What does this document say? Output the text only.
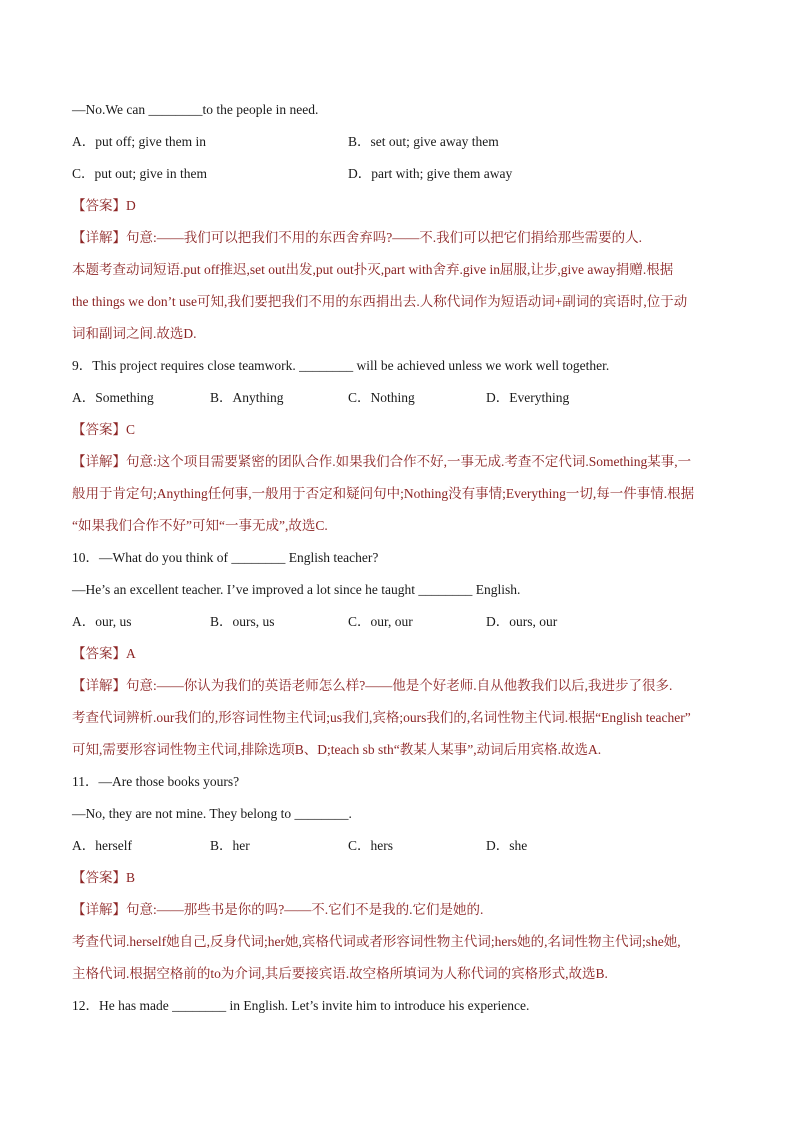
—No.We can ________to the people in need.
A．put off; give them in	B．set out; give away them
C．put out; give in them	D．part with; give them away
【答案】D
【详解】句意:——我们可以把我们不用的东西舍弃吗?——不.我们可以把它们捐给那些需要的人.
本题考查动词短语.put off推迟,set out出发,put out扑灭,part with舍弃.give in屈服,让步,give away捐赠.根据
the things we don’t use可知,我们要把我们不用的东西捐出去.人称代词作为短语动词+副词的宾语时,位于动
词和副词之间.故选D.
9．This project requires close teamwork. ________ will be achieved unless we work well together.
A．Something	B．Anything	C．Nothing	D．Everything
【答案】C
【详解】句意:这个项目需要紧密的团队合作.如果我们合作不好,一事无成.考查不定代词.Something某事,一
般用于肯定句;Anything任何事,一般用于否定和疑问句中;Nothing没有事情;Everything一切,每一件事情.根据
“如果我们合作不好”可知“一事无成”,故选C.
10．—What do you think of ________ English teacher?
—He’s an excellent teacher. I’ve improved a lot since he taught ________ English.
A．our, us	B．ours, us	C．our, our	D．ours, our
【答案】A
【详解】句意:——你认为我们的英语老师怎么样?——他是个好老师.自从他教我们以后,我进步了很多.
考查代词辨析.our我们的,形容词性物主代词;us我们,宾格;ours我们的,名词性物主代词.根据“English teacher”
可知,需要形容词性物主代词,排除选项B、D;teach sb sth“教某人某事”,动词后用宾格.故选A.
11．—Are those books yours?
—No, they are not mine. They belong to ________.
A．herself	B．her	C．hers	D．she
【答案】B
【详解】句意:——那些书是你的吗?——不.它们不是我的.它们是她的.
考查代词.herself她自己,反身代词;her她,宾格代词或者形容词性物主代词;hers她的,名词性物主代词;she她,
主格代词.根据空格前的to为介词,其后要接宾语.故空格所填词为人称代词的宾格形式,故选B.
12．He has made ________ in English. Let’s invite him to introduce his experience.
